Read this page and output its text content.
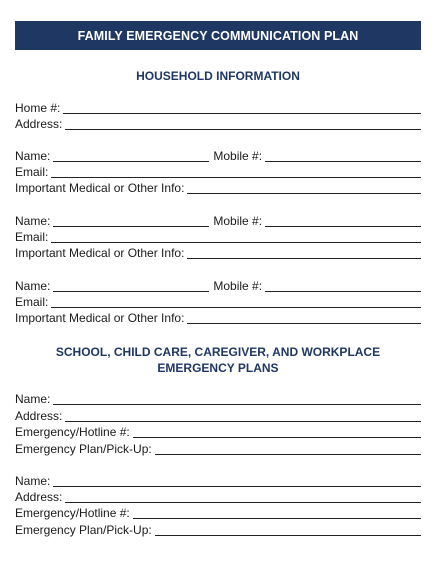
FAMILY EMERGENCY COMMUNICATION PLAN
HOUSEHOLD INFORMATION
Home #:
Address:
Name:	Mobile #:
Email:
Important Medical or Other Info:
Name:	Mobile #:
Email:
Important Medical or Other Info:
Name:	Mobile #:
Email:
Important Medical or Other Info:
SCHOOL, CHILD CARE, CAREGIVER, AND WORKPLACE
EMERGENCY PLANS
Name:
Address:
Emergency/Hotline #:
Emergency Plan/Pick-Up:
Name:
Address:
Emergency/Hotline #:
Emergency Plan/Pick-Up:
